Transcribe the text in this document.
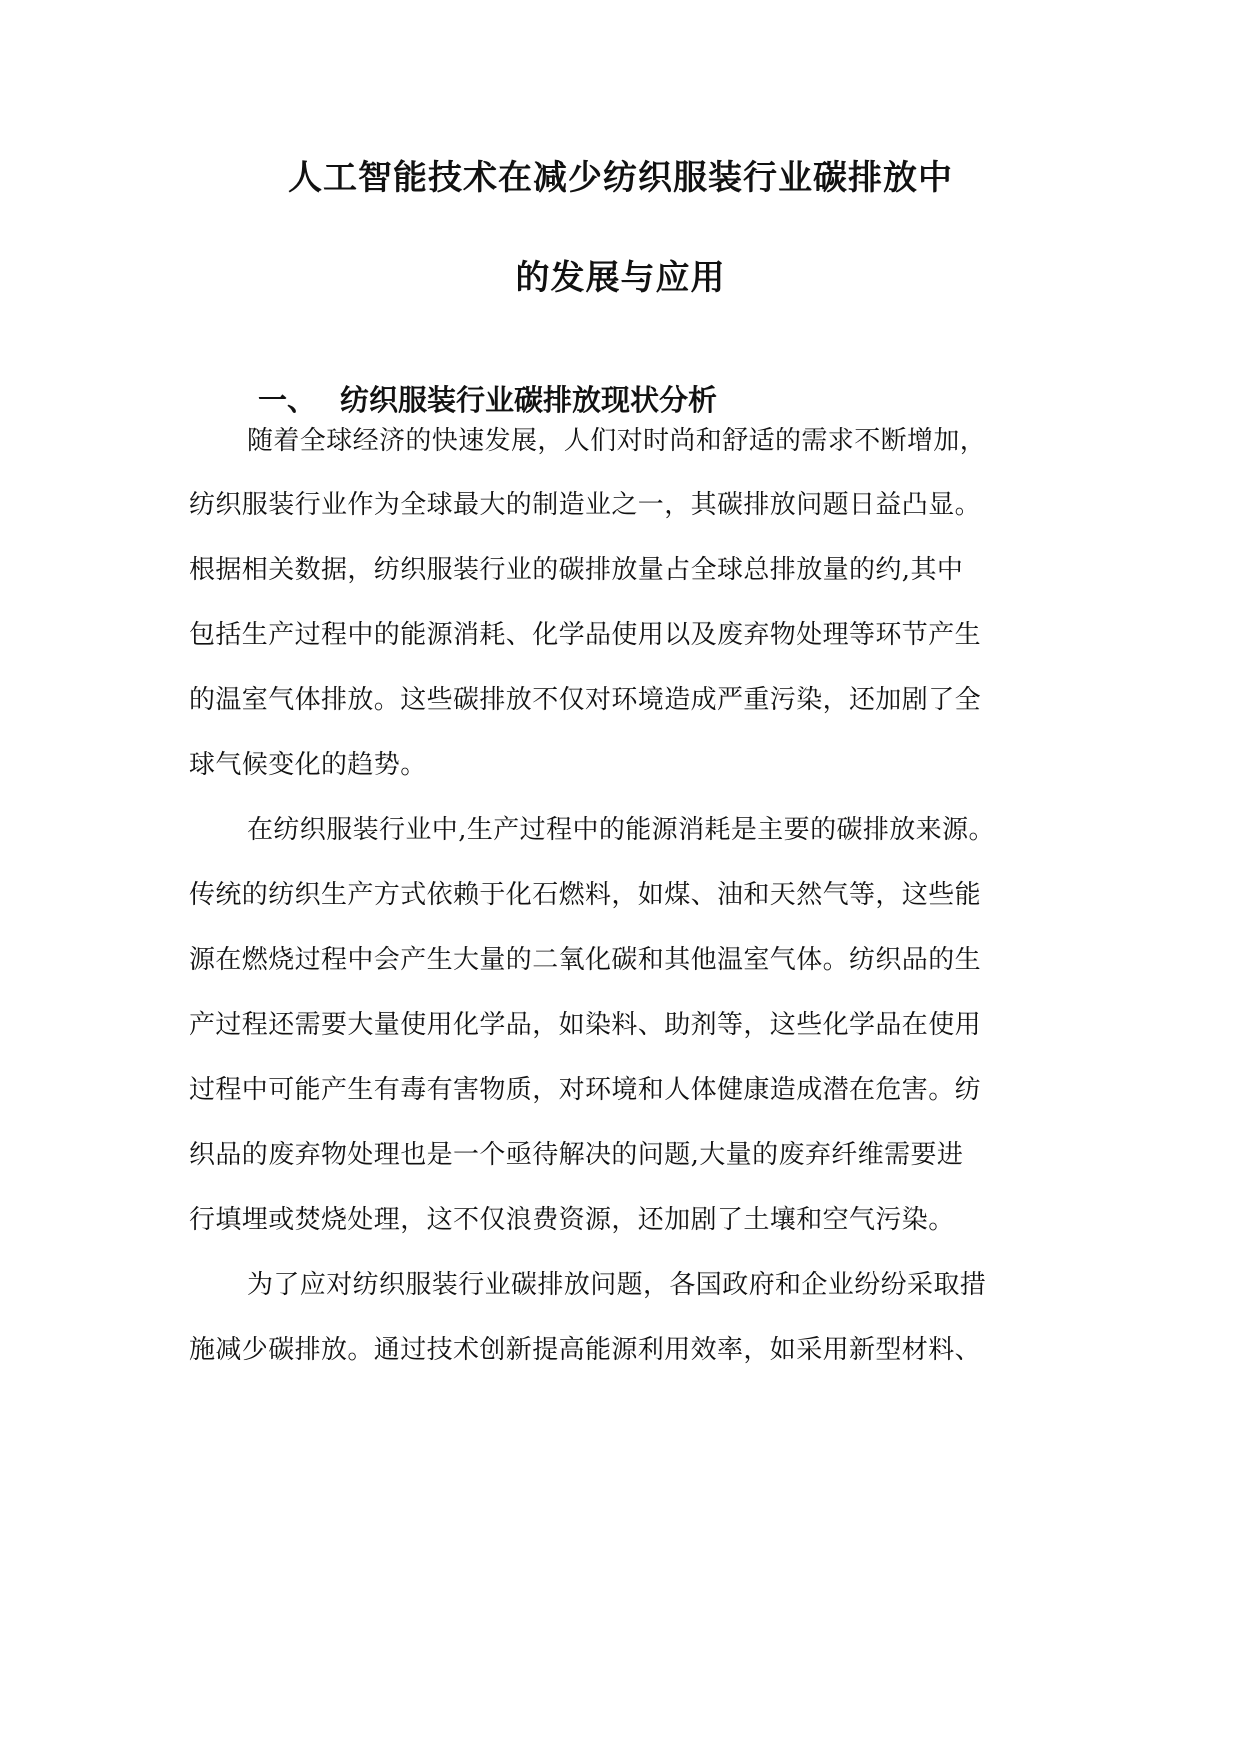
人工智能技术在减少纺织服装行业碳排放中
的发展与应用
一、 纺织服装行业碳排放现状分析
随着全球经济的快速发展，人们对时尚和舒适的需求不断增加，
纺织服装行业作为全球最大的制造业之一，其碳排放问题日益凸显。
根据相关数据，纺织服装行业的碳排放量占全球总排放量的约,其中
包括生产过程中的能源消耗、化学品使用以及废弃物处理等环节产生
的温室气体排放。这些碳排放不仅对环境造成严重污染，还加剧了全
球气候变化的趋势。
在纺织服装行业中,生产过程中的能源消耗是主要的碳排放来源。
传统的纺织生产方式依赖于化石燃料，如煤、油和天然气等，这些能
源在燃烧过程中会产生大量的二氧化碳和其他温室气体。纺织品的生
产过程还需要大量使用化学品，如染料、助剂等，这些化学品在使用
过程中可能产生有毒有害物质，对环境和人体健康造成潜在危害。纺
织品的废弃物处理也是一个亟待解决的问题,大量的废弃纤维需要进
行填埋或焚烧处理，这不仅浪费资源，还加剧了土壤和空气污染。
为了应对纺织服装行业碳排放问题，各国政府和企业纷纷采取措
施减少碳排放。通过技术创新提高能源利用效率，如采用新型材料、
